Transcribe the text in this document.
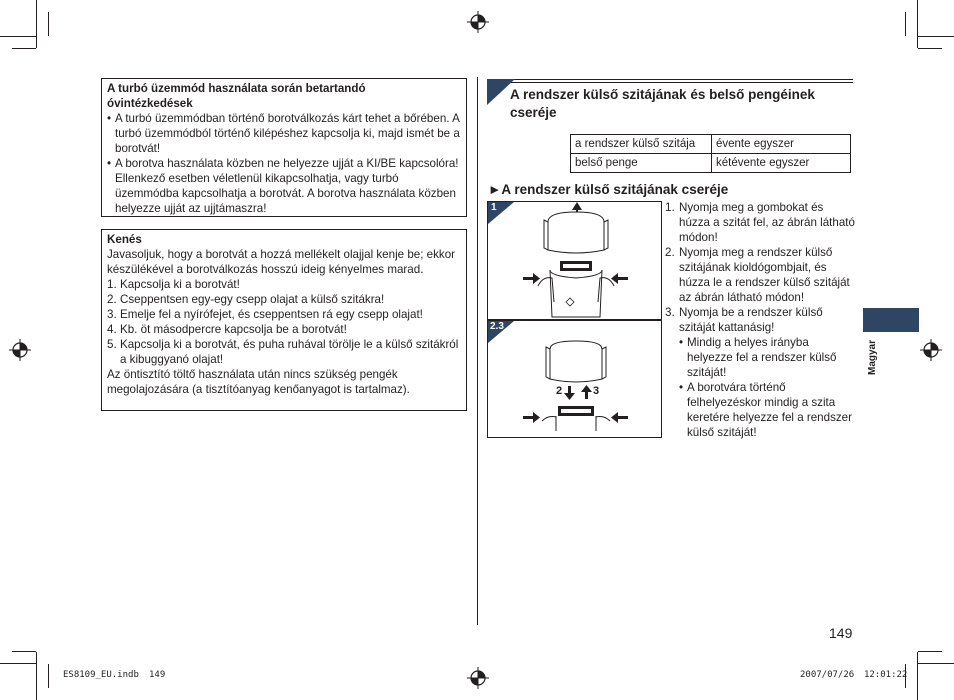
A turbó üzemmód használata során betartandó óvintézkedések
• A turbó üzemmódban történő borotválkozás kárt tehet a bőrében. A turbó üzemmódból történő kilépéshez kapcsolja ki, majd ismét be a borotvát!
• A borotva használata közben ne helyezze ujját a KI/BE kapcsolóra! Ellenkező esetben véletlenül kikapcsolhatja, vagy turbó üzemmódba kapcsolhatja a borotvát. A borotva használata közben helyezze ujját az ujjtámaszra!
Kenés
Javasoljuk, hogy a borotvát a hozzá mellékelt olajjal kenje be; ekkor készülékével a borotválkozás hosszú ideig kényelmes marad.
1. Kapcsolja ki a borotvát!
2. Cseppentsen egy-egy csepp olajat a külső szitákra!
3. Emelje fel a nyírófejet, és cseppentsen rá egy csepp olajat!
4. Kb. öt másodpercre kapcsolja be a borotvát!
5. Kapcsolja ki a borotvát, és puha ruhával törölje le a külső szitákról a kibuggyanó olajat!
Az öntisztító töltő használata után nincs szükség pengék megolajozására (a tisztítóanyag kenőanyagot is tartalmaz).
A rendszer külső szitájának és belső pengéinek cseréje
a rendszer külső szitája	évente egyszer
belső penge	kétévente egyszer
►A rendszer külső szitájának cseréje
1
2.3
2	3
1. Nyomja meg a gombokat és húzza a szitát fel, az ábrán látható módon!
2. Nyomja meg a rendszer külső szitájának kioldógombjait, és húzza le a rendszer külső szitáját az ábrán látható módon!
3. Nyomja be a rendszer külső szitáját kattanásig!
• Mindig a helyes irányba helyezze fel a rendszer külső szitáját!
• A borotvára történő felhelyezéskor mindig a szita keretére helyezze fel a rendszer külső szitáját!
Magyar
149
ES8109_EU.indb 149	2007/07/26 12:01:22
